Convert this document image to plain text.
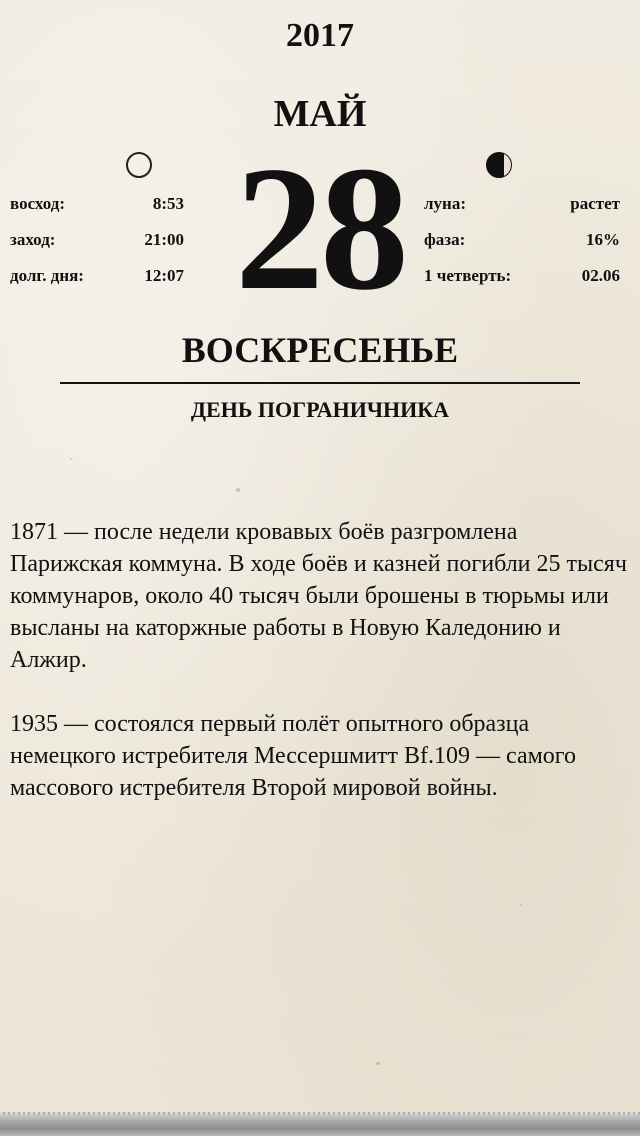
2017
МАЙ
28
восход:	8:53
заход:	21:00
долг. дня:	12:07
луна:	растет
фаза:	16%
1 четверть:	02.06
ВОСКРЕСЕНЬЕ
ДЕНЬ ПОГРАНИЧНИКА

1871 — после недели кровавых боёв разгромлена Парижская коммуна. В ходе боёв и казней погибли 25 тысяч коммунаров, около 40 тысяч были брошены в тюрьмы или высланы на каторжные работы в Новую Каледонию и Алжир.

1935 — состоялся первый полёт опытного образца немецкого истребителя Мессершмитт Bf.109 — самого массового истребителя Второй мировой войны.
